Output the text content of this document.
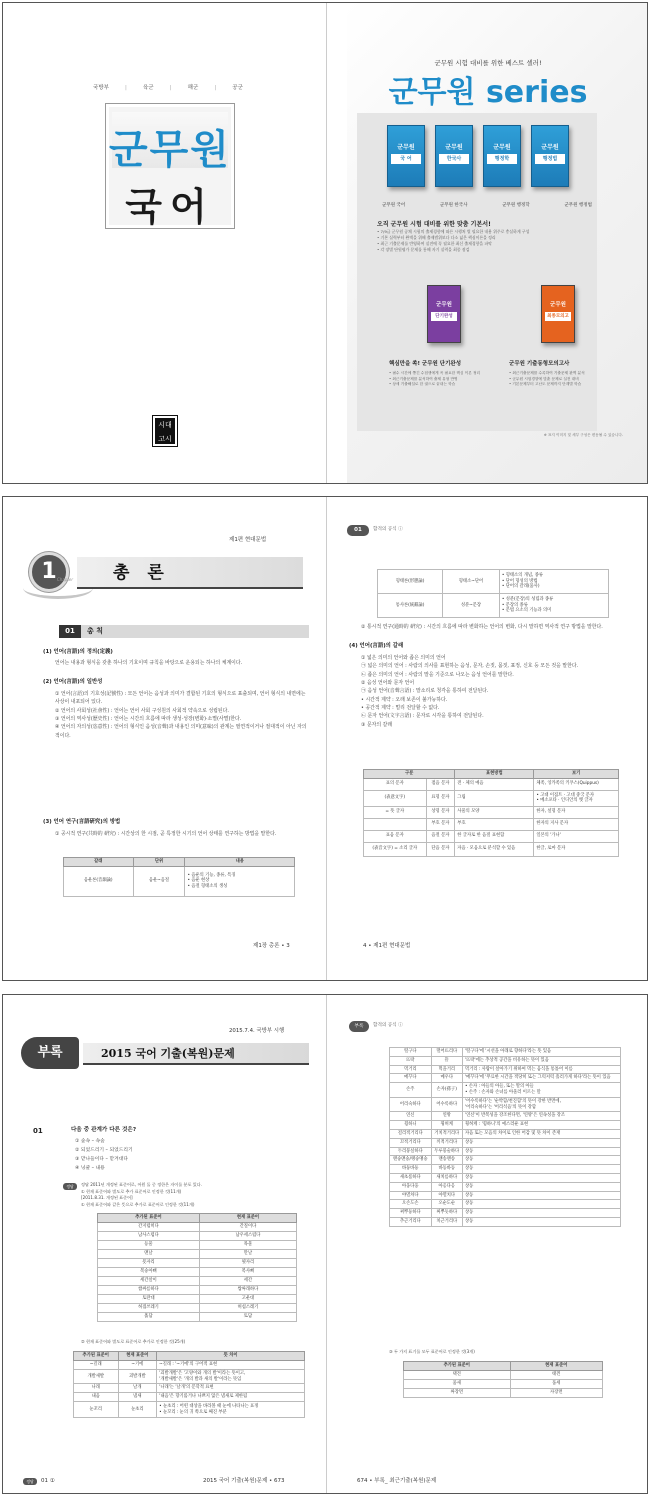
국방부	|	육군	|	해군	|	공군
군무원
국어
시대
고시
군무원 시험 대비를 위한 베스트 셀러!
군무원 series
군무원
국 어
군무원
한국사
군무원
행정학
군무원
행정법
군무원 국어	군무원 한국사	군무원 행정학	군무원 행정법
오직 군무원 시험 대비를 위한 맞춤 기본서!
• 7/9급 군무원 공채 시험의 출제경향에 따른 시행처 별 필요한 내용 위주로 충실하게 구성
• 기본 실력부터 완벽을 위해 출제범위보다 다소 넓은 핵심이론을 정리
• 최근 기출문제를 반영하여 실전에 꼭 필요한 최신 출제경향을 파악
• 각 장별 단원평가 문제를 통해 자기 실력을 최종 점검
군무원
단기완성
군무원
최종모의고사
핵심만을 쏙! 군무원 단기완성	군무원 기출동형모의고사
• 필수 시간에 쫓긴 수험생에게 꼭 필요한 핵심 이론 정리
• 최근기출문제를 분석하여 출제 유형 반영
• 상세 기출해설로 한 권으로 끝내는 학습
• 최근기출문제를 수록하여 기출문제 완벽 분석
• 군무원 시험경향에 맞춘 문제로 실전 대비
• 기본문제부터 고난도 문제까지 단계별 학습
※ 표지 이미지 및 세부 구성은 변동될 수 있습니다.
제1편 현대문법
1 Chapter 총 론
01	총 칙
(1) 언어(言語)의 정의(定義)
언어는 내용과 형식을 갖춘 하나의 기호이며 규칙을 바탕으로 운용되는 하나의 체계이다.
(2) 언어(言語)의 일반성
① 언어(言語)의 기호성(記號性) : 모든 언어는 음성과 의미가 결합된 기호의 형식으로 표출되며, 언어 형식의 내면에는 사상이 내포되어 있다.
② 언어의 사회성(社會性) : 언어는 언어 사회 구성원의 사회적 약속으로 성립된다.
③ 언어의 역사성(歷史性) : 언어는 시간의 흐름에 따라 생성·성장(변화)·소멸(사멸)한다.
④ 언어의 자의성(恣意性) : 언어의 형식인 음성(音聲)과 내용인 의미(意味)의 관계는 필연적이거나 절대적이 아닌 자의적이다.
(3) 언어 연구(言語硏究)의 방법
① 공시적 연구(共時的 硏究) : 시간상의 한 시점, 곧 특정한 시기의 언어 상태를 연구하는 방법을 말한다.
갈래	단위	내용
음운론(音韻論)	음운~음절	• 음운의 기능, 종류, 특징
• 음운 현상
• 음절 형태소의 생성
제1장 총론 • 3
01	합격의 공식 ⓘ
형태론(形態論)	형태소~단어	• 형태소의 개념, 종류
• 단어 형성의 방법
• 단어의 갈래(품사)
통사론(統辭論)	성분~문장	• 성분(문장)의 성립과 종류
• 문장의 종류
• 문법 요소의 기능과 의미
② 통시적 연구(通時的 硏究) : 시간의 흐름에 따라 변화하는 언어의 변화, 다시 말하면 역사적 연구 방법을 말한다.
(4) 언어(言語)의 갈래
① 넓은 의미의 언어와 좁은 의미의 언어
㉠ 넓은 의미의 언어 : 사람의 의사를 표현하는 음성, 문자, 손짓, 몸짓, 표정, 신호 등 모든 것을 말한다.
㉡ 좁은 의미의 언어 : 사람의 말을 기준으로 나오는 음성 언어를 말한다.
② 음성 언어와 문자 언어
㉠ 음성 언어(音聲言語) : 말소리로 청각을 통하여 전달된다.
• 시간적 제약 : 오래 보존이 불가능하다.
• 공간적 제약 : 멀리 전달할 수 없다.
㉡ 문자 언어(文字言語) : 문자로 시각을 통하여 전달된다.
③ 문자의 갈래
구분		표현방법	보기
표의 문자	점음 문자	전 · 체의 예음	체족, 잉카족의 키푸스(Quippus)
(表意文字)	표형 문자	그림	• 고대 이집트 · 고대 중국 문자
• 메소포타 · 인디안의 옛 글자
= 뜻 글자	상형 문자	사물의 모양	한자, 설형 문자
	부호 문자	부호	한자의 지사 문자
표음 문자	음절 문자	한 글자로 한 음절 표현함	일본의 '가나'
(表音文字) = 소리 글자	단음 문자	자음 · 모음으로 분석할 수 있음	한글, 로마 문자
4 • 제1편 현대문법
2015.7.4. 국방부 시행
부록	2015 국어 기출(복원)문제
01	다음 중 관계가 다른 것은?
① 숲속 – 속숲
② 되었드리기 – 되었드리기
③ 맏나들이다 – 맏겨대다
④ 넝쿨 – 내용
정답	정답 2011년 개정된 표준어로, 어원 둘 중 정한은 자이를 분포 있다.
① 현재 표준어와 별도로 추가 표준어로 인정한 것(11개)
[2011.8.31. 개정된 표준어]
① 현재 표준어와 같은 뜻으로 추가로 표준어로 인정한 것(11개)
추가된 표준어	현재 표준어
간지럽히다	간질이다
남사스럽다	남우세스럽다
등물	목물
맨날	만날
묫자리	묏자리
복숭아뼈	복사뼈
세간살이	세간
쌉싸름하다	쌉싸래하다
토란대	고운대
허접쓰레기	허섭스레기
흙담	토담
② 현재 표준어와 별도로 표준어로 추가로 인정한 것(25개)
추가된 표준어	현재 표준어	뜻 차이
~길래	~기에	~길래 : '~기에'의 구어적 표현
개발새발	괴발개발	'괴발개발'은 '고양이와 개의 발'이라는 뜻이고,
'개발새발'은 '개의 발과 새의 발'이라는 뜻임
나래	날개	'나래'는 '날개'의 문학적 표현
내음	냄새	'내음'은 향기롭거나 나쁘지 않은 냄새로 제한됨
눈꼬리	눈초리	• 눈초리 : 어떤 대상을 바라볼 때 눈에 나타나는 표정
• 눈꼬리 : 눈의 귀 쪽으로 째진 부분
정답	01 ①	2015 국어 기출(복원)문제 • 673
부록	합격의 공식 ⓘ
떨구다	떨어뜨리다	'떨구다'에 '시선을 아래로 향하다'라는 뜻 있음
뜨락	뜰	'뜨락'에는 추상적 공간을 비유하는 뜻이 있음
먹거리	먹을거리	먹거리 : 사람이 살아가기 위하여 먹는 음식을 통틀어 이름
메꾸다	메우다	'메꾸다'에 '무료한 시간을 적당히 또는 그럭저럭 흘러가게 하다'라는 뜻이 있음
손주	손자(孫子)	• 손자 : 아들의 아들, 또는 딸의 아들
• 손주 : 손자와 손녀를 아울러 이르는 말
어리숙하다	어수룩하다	'어수룩하다'는 '순박함/천진함'의 뜻이 강한 반면에,
'어리숙하다'는 '어리석음'의 뜻이 강함
연신	연방	'연신'이 반복성을 강조한다면, '연방'은 연속성을 강조
휭하니	힁허케	힁허케 : '휭하니'의 예스러운 표현
걸리적거리다	거치적거리다	자음 또는 모음의 차이로 인한 어감 및 뜻 차이 존재
끄적거리다	끼적거리다	상동
두리뭉실하다	두루뭉술하다	상동
맨숭맨숭/맹숭맹숭	맨송맨송	상동
바둥바둥	바동바동	상동
새초롬하다	새치름하다	상동
아웅다웅	아옹다옹	상동
야멸차다	야멸치다	상동
오손도손	오순도순	상동
찌뿌둥하다	찌뿌듯하다	상동
추근거리다	치근거리다	상동
③ 두 가지 표기를 모두 표준어로 인정한 것(3개)
추가된 표준어	현재 표준어
택견	태껸
품새	품세
짜장면	자장면
674 • 부록_ 최근기출(복원)문제
